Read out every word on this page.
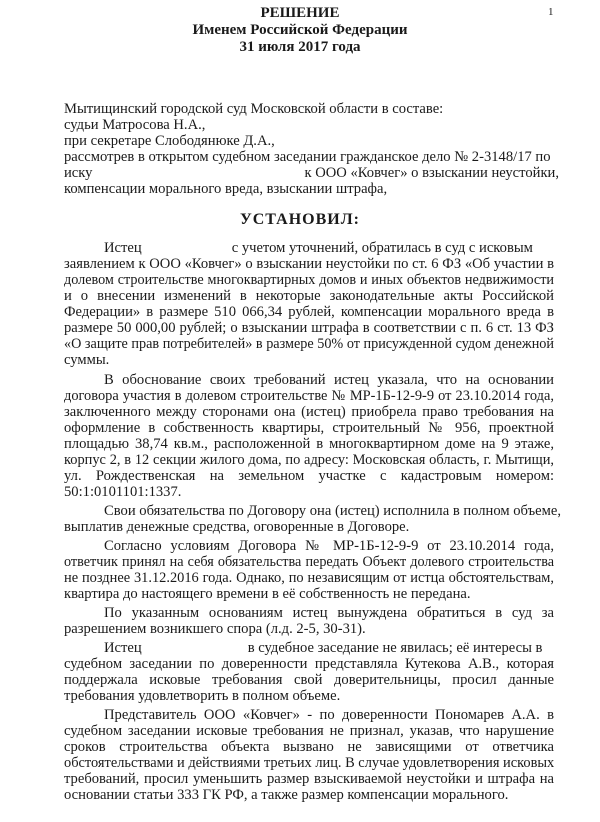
1
РЕШЕНИЕ
Именем Российской Федерации
31 июля 2017 года
Мытищинский городской суд Московской области в составе:
судьи Матросова Н.А.,
при секретаре Слободянюке Д.А.,
рассмотрев в открытом судебном заседании гражданское дело № 2-3148/17 по
иску	к ООО «Ковчег» о взыскании неустойки,
компенсации морального вреда, взыскании штрафа,
УСТАНОВИЛ:
Истец	с учетом уточнений, обратилась в суд с исковым
заявлением к ООО «Ковчег» о взыскании неустойки по ст. 6 ФЗ «Об участии в
долевом строительстве многоквартирных домов и иных объектов недвижимости
и о внесении изменений в некоторые законодательные акты Российской
Федерации» в размере 510 066,34 рублей, компенсации морального вреда в
размере 50 000,00 рублей; о взыскании штрафа в соответствии с п. 6 ст. 13 ФЗ
«О защите прав потребителей» в размере 50% от присужденной судом денежной
суммы.
В обоснование своих требований истец указала, что на основании
договора участия в долевом строительстве № МР-1Б-12-9-9 от 23.10.2014 года,
заключенного между сторонами она (истец) приобрела право требования на
оформление в собственность квартиры, строительный № 956, проектной
площадью 38,74 кв.м., расположенной в многоквартирном доме на 9 этаже,
корпус 2, в 12 секции жилого дома, по адресу: Московская область, г. Мытищи,
ул. Рождественская на земельном участке с кадастровым номером:
50:1:0101101:1337.
Свои обязательства по Договору она (истец) исполнила в полном объеме,
выплатив денежные средства, оговоренные в Договоре.
Согласно условиям Договора № МР-1Б-12-9-9 от 23.10.2014 года,
ответчик принял на себя обязательства передать Объект долевого строительства
не позднее 31.12.2016 года. Однако, по независящим от истца обстоятельствам,
квартира до настоящего времени в её собственность не передана.
По указанным основаниям истец вынуждена обратиться в суд за
разрешением возникшего спора (л.д. 2-5, 30-31).
Истец	в судебное заседание не явилась; её интересы в
судебном заседании по доверенности представляла Кутекова А.В., которая
поддержала исковые требования свой доверительницы, просил данные
требования удовлетворить в полном объеме.
Представитель ООО «Ковчег» - по доверенности Пономарев А.А. в
судебном заседании исковые требования не признал, указав, что нарушение
сроков строительства объекта вызвано не зависящими от ответчика
обстоятельствами и действиями третьих лиц. В случае удовлетворения исковых
требований, просил уменьшить размер взыскиваемой неустойки и штрафа на
основании статьи 333 ГК РФ, а также размер компенсации морального.
